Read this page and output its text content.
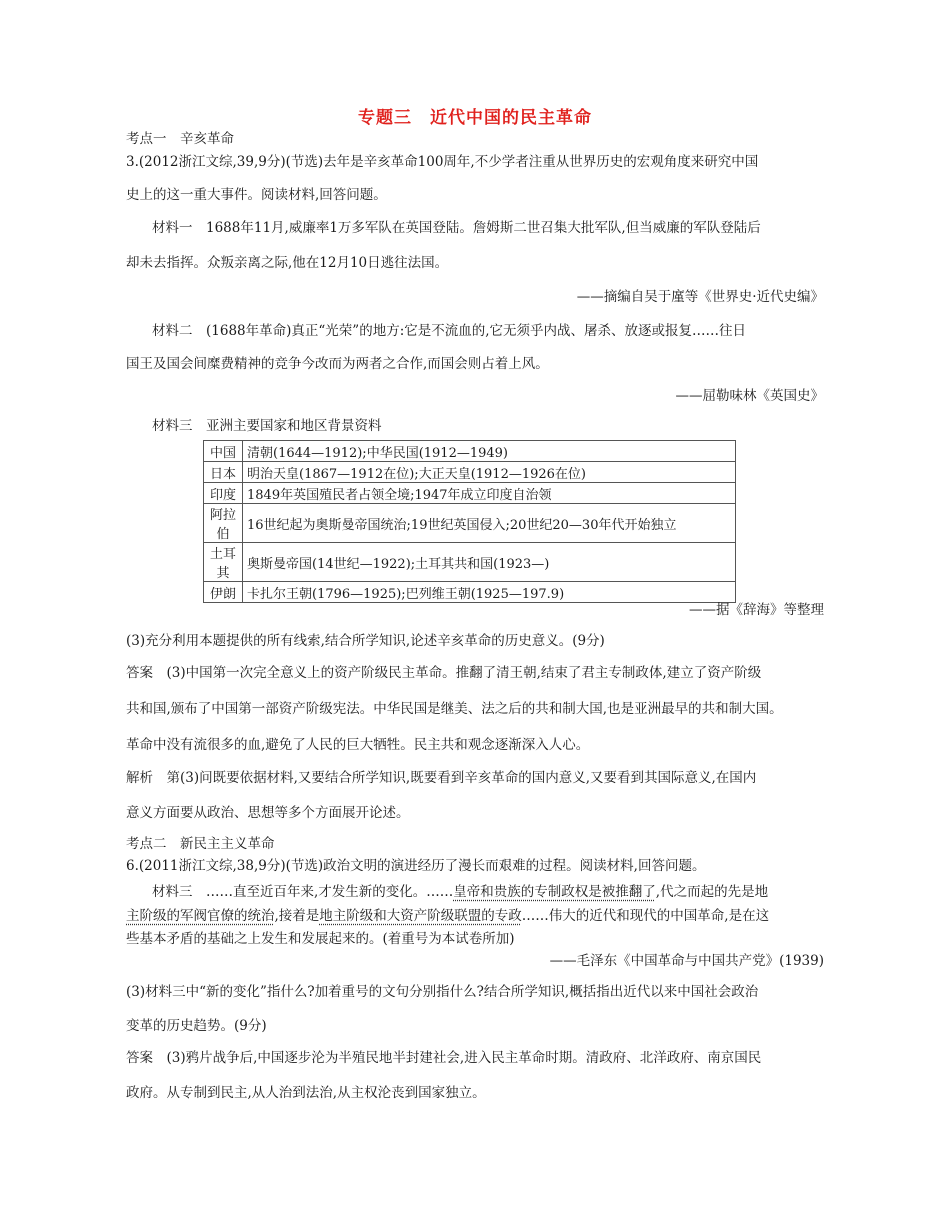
专题三　近代中国的民主革命
考点一　辛亥革命
3.(2012浙江文综,39,9分)(节选)去年是辛亥革命100周年,不少学者注重从世界历史的宏观角度来研究中国
史上的这一重大事件。阅读材料,回答问题。
材料一　1688年11月,威廉率1万多军队在英国登陆。詹姆斯二世召集大批军队,但当威廉的军队登陆后
却未去指挥。众叛亲离之际,他在12月10日逃往法国。
——摘编自吴于廑等《世界史·近代史编》
材料二　(1688年革命)真正“光荣”的地方:它是不流血的,它无须乎内战、屠杀、放逐或报复……往日
国王及国会间糜费精神的竞争今改而为两者之合作,而国会则占着上风。
——屈勒味林《英国史》
材料三　亚洲主要国家和地区背景资料
中国	清朝(1644—1912);中华民国(1912—1949)
日本	明治天皇(1867—1912在位);大正天皇(1912—1926在位)
印度	1849年英国殖民者占领全境;1947年成立印度自治领
阿拉伯	16世纪起为奥斯曼帝国统治;19世纪英国侵入;20世纪20—30年代开始独立
土耳其	奥斯曼帝国(14世纪—1922);土耳其共和国(1923—)
伊朗	卡扎尔王朝(1796—1925);巴列维王朝(1925—197.9)
——据《辞海》等整理
(3)充分利用本题提供的所有线索,结合所学知识,论述辛亥革命的历史意义。(9分)
答案　(3)中国第一次完全意义上的资产阶级民主革命。推翻了清王朝,结束了君主专制政体,建立了资产阶级
共和国,颁布了中国第一部资产阶级宪法。中华民国是继美、法之后的共和制大国,也是亚洲最早的共和制大国。
革命中没有流很多的血,避免了人民的巨大牺牲。民主共和观念逐渐深入人心。
解析　第(3)问既要依据材料,又要结合所学知识,既要看到辛亥革命的国内意义,又要看到其国际意义,在国内
意义方面要从政治、思想等多个方面展开论述。
考点二　新民主主义革命
6.(2011浙江文综,38,9分)(节选)政治文明的演进经历了漫长而艰难的过程。阅读材料,回答问题。
材料三　……直至近百年来,才发生新的变化。……皇帝和贵族的专制政权是被推翻了,代之而起的先是地
主阶级的军阀官僚的统治,接着是地主阶级和大资产阶级联盟的专政……伟大的近代和现代的中国革命,是在这
些基本矛盾的基础之上发生和发展起来的。(着重号为本试卷所加)
——毛泽东《中国革命与中国共产党》(1939)
(3)材料三中“新的变化”指什么?加着重号的文句分别指什么?结合所学知识,概括指出近代以来中国社会政治
变革的历史趋势。(9分)
答案　(3)鸦片战争后,中国逐步沦为半殖民地半封建社会,进入民主革命时期。清政府、北洋政府、南京国民
政府。从专制到民主,从人治到法治,从主权沦丧到国家独立。
